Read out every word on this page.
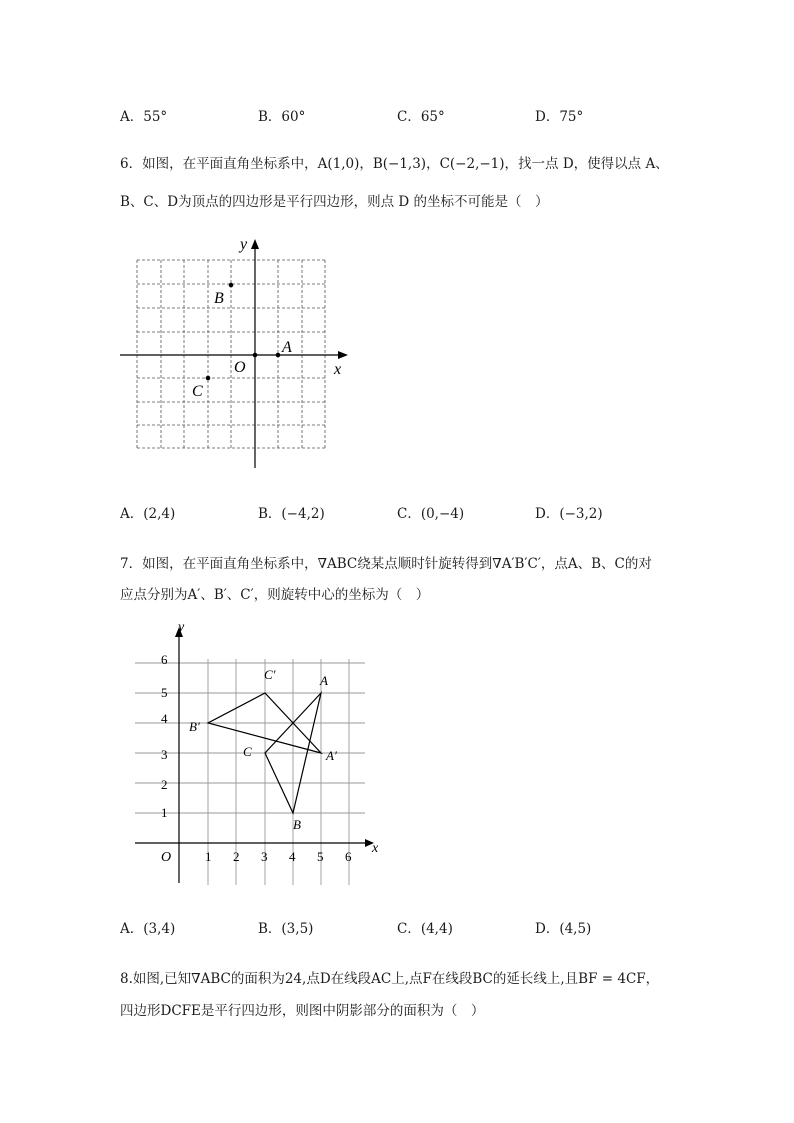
A．55°	B．60°	C．65°	D．75°
6．如图，在平面直角坐标系中，A(1,0)，B(−1,3)，C(−2,−1)，找一点 D，使得以点 A、
B、C、D为顶点的四边形是平行四边形，则点 D 的坐标不可能是（　）
x
y
O
A
B
C
A．(2,4)	B．(−4,2)	C．(0,−4)	D．(−3,2)
7．如图，在平面直角坐标系中，∇ABC绕某点顺时针旋转得到∇A′B′C′，点A、B、C的对
应点分别为A′、B′、C′，则旋转中心的坐标为（　）
x
y
O	1 2 3 4 5 6
1
2
3
4
5
6
A
B
C	A′
B′
C′
A．(3,4)	B．(3,5)	C．(4,4)	D．(4,5)
8.如图,已知∇ABC的面积为24,点D在线段AC上,点F在线段BC的延长线上,且BF = 4CF，
四边形DCFE是平行四边形，则图中阴影部分的面积为（　）
